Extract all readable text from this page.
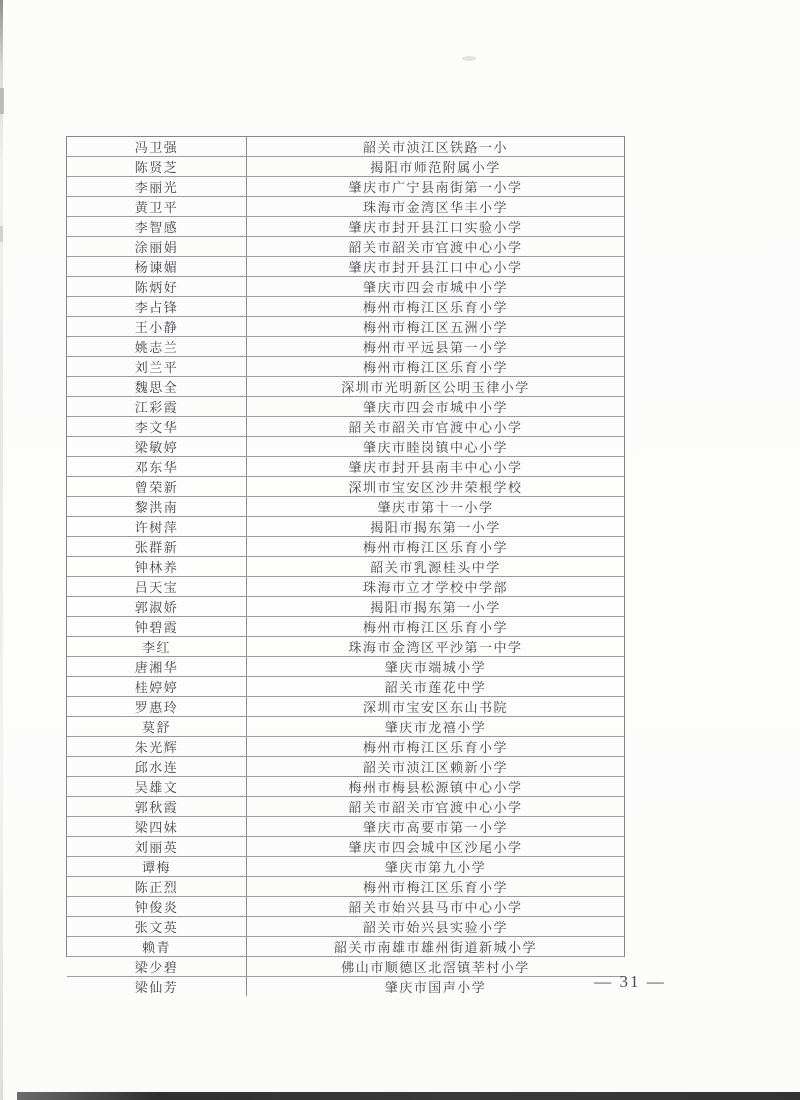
冯卫强	韶关市浈江区铁路一小
陈贤芝	揭阳市师范附属小学
李丽光	肇庆市广宁县南街第一小学
黄卫平	珠海市金湾区华丰小学
李智感	肇庆市封开县江口实验小学
涂丽娟	韶关市韶关市官渡中心小学
杨谏媚	肇庆市封开县江口中心小学
陈炳好	肇庆市四会市城中小学
李占锋	梅州市梅江区乐育小学
王小静	梅州市梅江区五洲小学
姚志兰	梅州市平远县第一小学
刘兰平	梅州市梅江区乐育小学
魏思全	深圳市光明新区公明玉律小学
江彩霞	肇庆市四会市城中小学
李文华	韶关市韶关市官渡中心小学
梁敏婷	肇庆市睦岗镇中心小学
邓东华	肇庆市封开县南丰中心小学
曾荣新	深圳市宝安区沙井荣根学校
黎洪南	肇庆市第十一小学
许树萍	揭阳市揭东第一小学
张群新	梅州市梅江区乐育小学
钟林养	韶关市乳源桂头中学
吕天宝	珠海市立才学校中学部
郭淑娇	揭阳市揭东第一小学
钟碧霞	梅州市梅江区乐育小学
李红	珠海市金湾区平沙第一中学
唐湘华	肇庆市端城小学
桂婷婷	韶关市莲花中学
罗惠玲	深圳市宝安区东山书院
莫舒	肇庆市龙禧小学
朱光辉	梅州市梅江区乐育小学
邱水连	韶关市浈江区赖新小学
吴雄文	梅州市梅县松源镇中心小学
郭秋霞	韶关市韶关市官渡中心小学
梁四妹	肇庆市高要市第一小学
刘丽英	肇庆市四会城中区沙尾小学
谭梅	肇庆市第九小学
陈正烈	梅州市梅江区乐育小学
钟俊炎	韶关市始兴县马市中心小学
张文英	韶关市始兴县实验小学
赖青	韶关市南雄市雄州街道新城小学
梁少碧	佛山市顺德区北滘镇莘村小学
梁仙芳	肇庆市国声小学	— 31 —
